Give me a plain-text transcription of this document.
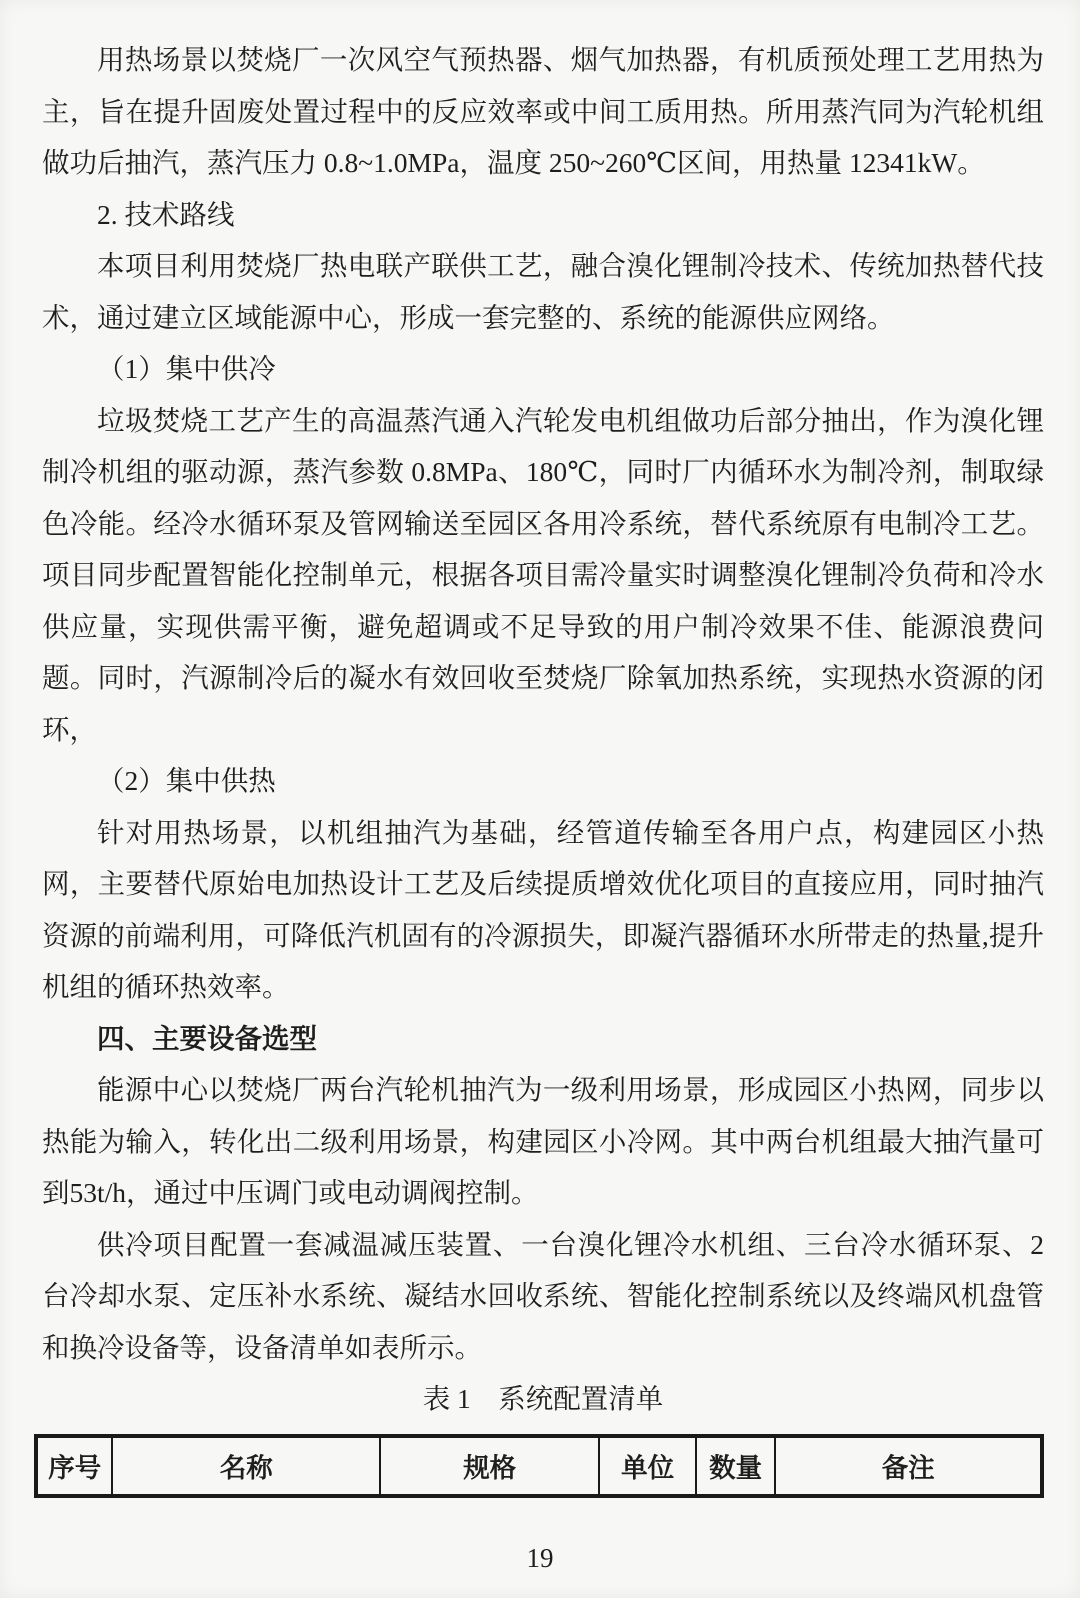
用热场景以焚烧厂一次风空气预热器、烟气加热器，有机质预处理工艺用热为主，旨在提升固废处置过程中的反应效率或中间工质用热。所用蒸汽同为汽轮机组做功后抽汽，蒸汽压力 0.8~1.0MPa，温度 250~260℃区间，用热量 12341kW。

2. 技术路线

本项目利用焚烧厂热电联产联供工艺，融合溴化锂制冷技术、传统加热替代技术，通过建立区域能源中心，形成一套完整的、系统的能源供应网络。

（1）集中供冷

垃圾焚烧工艺产生的高温蒸汽通入汽轮发电机组做功后部分抽出，作为溴化锂制冷机组的驱动源，蒸汽参数 0.8MPa、180℃，同时厂内循环水为制冷剂，制取绿色冷能。经冷水循环泵及管网输送至园区各用冷系统，替代系统原有电制冷工艺。项目同步配置智能化控制单元，根据各项目需冷量实时调整溴化锂制冷负荷和冷水供应量，实现供需平衡，避免超调或不足导致的用户制冷效果不佳、能源浪费问题。同时，汽源制冷后的凝水有效回收至焚烧厂除氧加热系统，实现热水资源的闭环，

（2）集中供热

针对用热场景，以机组抽汽为基础，经管道传输至各用户点，构建园区小热网，主要替代原始电加热设计工艺及后续提质增效优化项目的直接应用，同时抽汽资源的前端利用，可降低汽机固有的冷源损失，即凝汽器循环水所带走的热量,提升机组的循环热效率。

四、主要设备选型

能源中心以焚烧厂两台汽轮机抽汽为一级利用场景，形成园区小热网，同步以热能为输入，转化出二级利用场景，构建园区小冷网。其中两台机组最大抽汽量可到53t/h，通过中压调门或电动调阀控制。

供冷项目配置一套减温减压装置、一台溴化锂冷水机组、三台冷水循环泵、2 台冷却水泵、定压补水系统、凝结水回收系统、智能化控制系统以及终端风机盘管和换冷设备等，设备清单如表所示。

表 1　系统配置清单

序号	名称	规格	单位	数量	备注
19
